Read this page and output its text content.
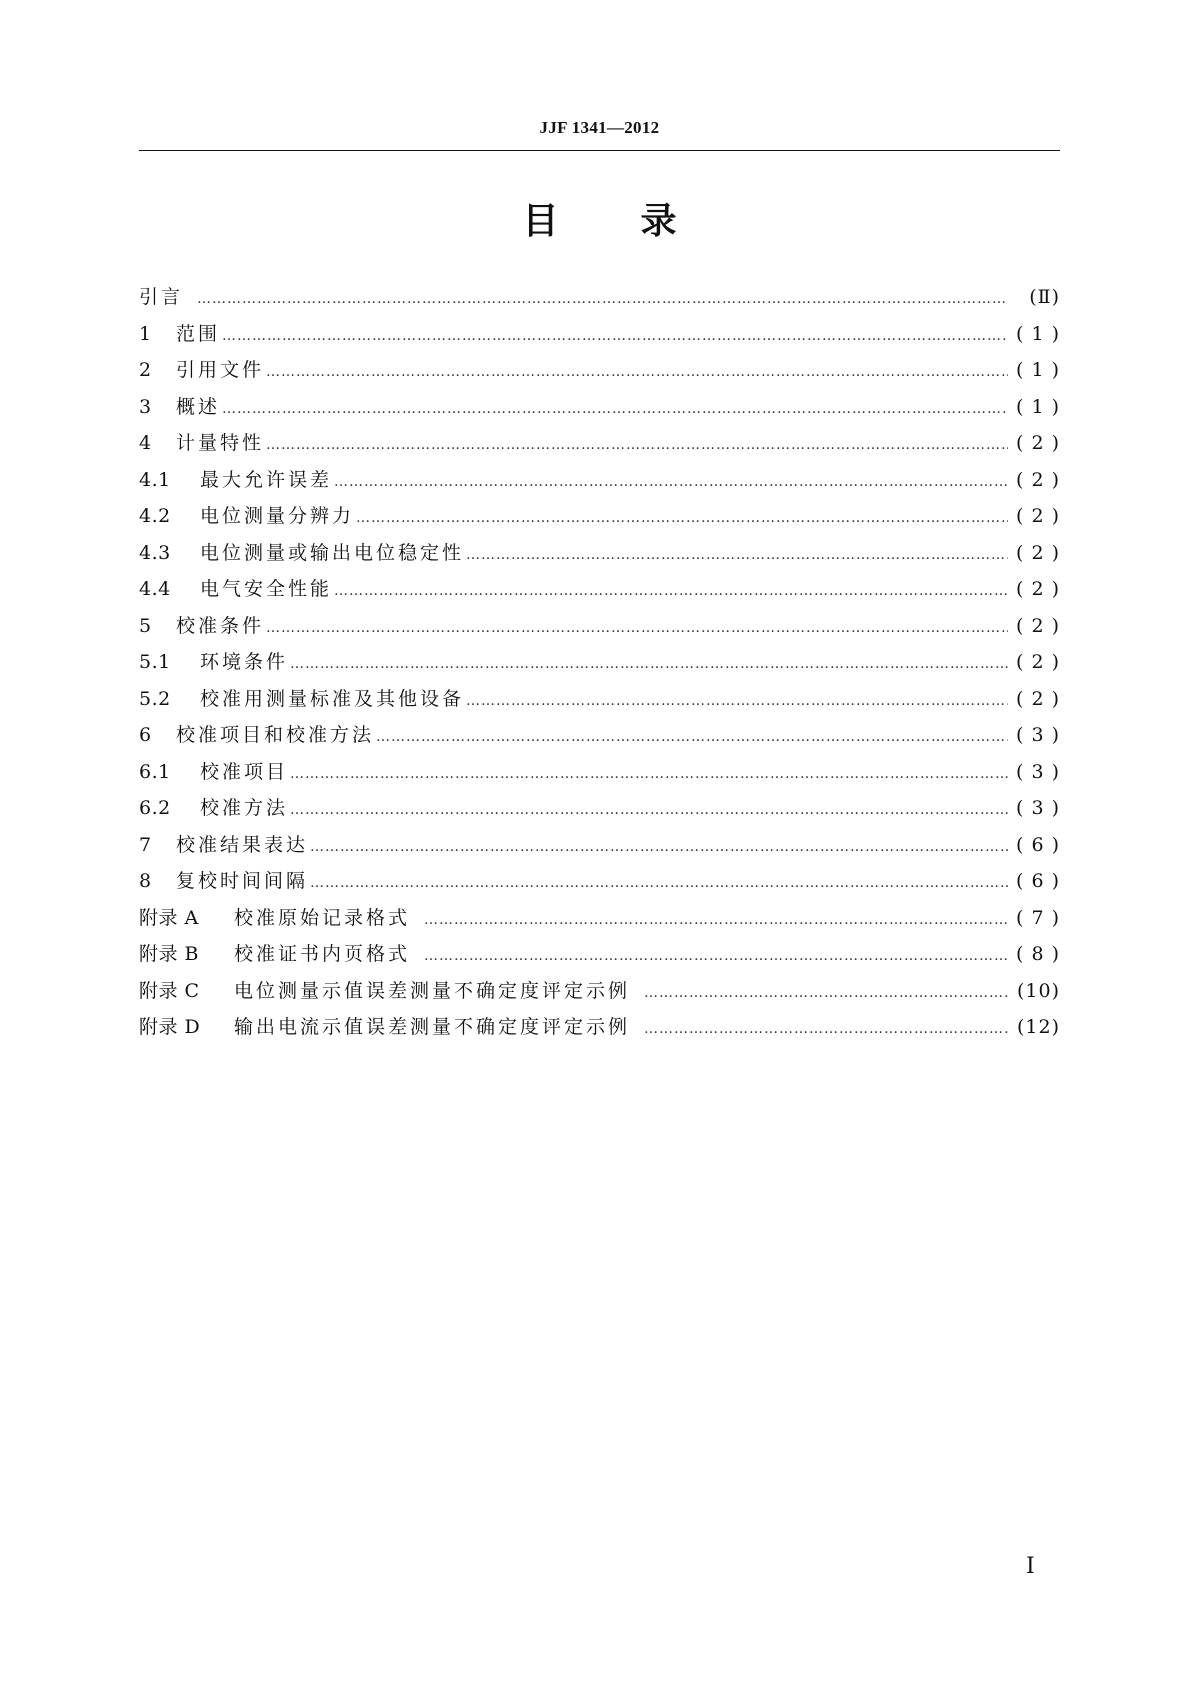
JJF 1341—2012
目 录
引言 …………………………………………………………………………………………………………………………………………………………………………………………………………………	(Ⅱ)
1	范围 …………………………………………………………………………………………………………………………………………………………………………………………………………………	( 1 )
2	引用文件 …………………………………………………………………………………………………………………………………………………………………………………………………………………	( 1 )
3	概述 …………………………………………………………………………………………………………………………………………………………………………………………………………………	( 1 )
4	计量特性 …………………………………………………………………………………………………………………………………………………………………………………………………………………	( 2 )
4.1	最大允许误差 …………………………………………………………………………………………………………………………………………………………………………………………………………………	( 2 )
4.2	电位测量分辨力 …………………………………………………………………………………………………………………………………………………………………………………………………………………	( 2 )
4.3	电位测量或输出电位稳定性 …………………………………………………………………………………………………………………………………………………………………………………………………………………	( 2 )
4.4	电气安全性能 …………………………………………………………………………………………………………………………………………………………………………………………………………………	( 2 )
5	校准条件 …………………………………………………………………………………………………………………………………………………………………………………………………………………	( 2 )
5.1	环境条件 …………………………………………………………………………………………………………………………………………………………………………………………………………………	( 2 )
5.2	校准用测量标准及其他设备 …………………………………………………………………………………………………………………………………………………………………………………………………………………	( 2 )
6	校准项目和校准方法 …………………………………………………………………………………………………………………………………………………………………………………………………………………	( 3 )
6.1	校准项目 …………………………………………………………………………………………………………………………………………………………………………………………………………………	( 3 )
6.2	校准方法 …………………………………………………………………………………………………………………………………………………………………………………………………………………	( 3 )
7	校准结果表达 …………………………………………………………………………………………………………………………………………………………………………………………………………………	( 6 )
8	复校时间间隔 …………………………………………………………………………………………………………………………………………………………………………………………………………………	( 6 )
附录 A	校准原始记录格式 …………………………………………………………………………………………………………………………………………………………………………………………………………………	( 7 )
附录 B	校准证书内页格式 …………………………………………………………………………………………………………………………………………………………………………………………………………………	( 8 )
附录 C	电位测量示值误差测量不确定度评定示例 …………………………………………………………………………………………………………………………………………………………………………………………………………………	(10)
附录 D	输出电流示值误差测量不确定度评定示例 …………………………………………………………………………………………………………………………………………………………………………………………………………………	(12)
Ⅰ
